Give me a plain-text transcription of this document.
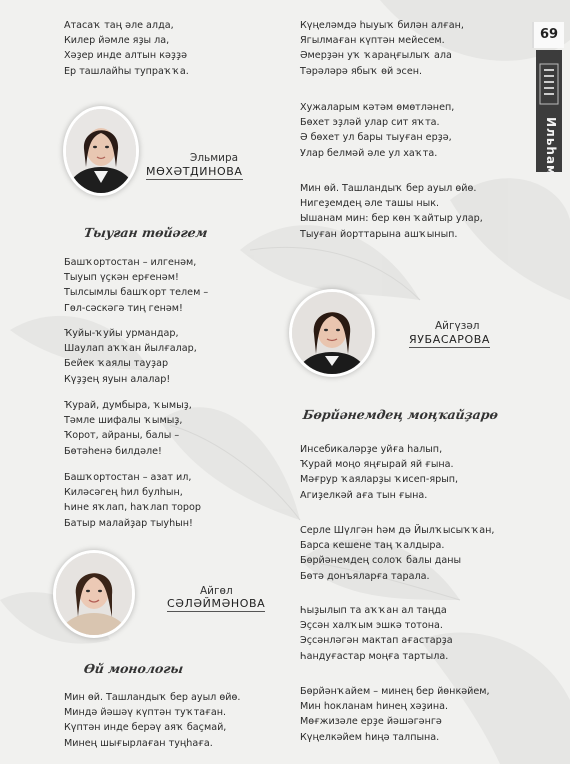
69
Ильһам
Атасаҡ таң әле алда,
Килер йәмле яҙы ла,
Хәҙер инде алтын кәҙҙә
Ер ташлайһы тупраҡҡа.
Эльмира
МӨХӘТДИНОВА
Тыуған төйәгем
Башҡортостан – илгенәм,
Тыуып үҫкән ерғенәм!
Тылсымлы башҡорт телем –
Гөл-сәскәгә тиң генәм!
Ҡуйы-ҡуйы урмандар,
Шаулап аҡҡан йылғалар,
Бейек ҡаялы тауҙар
Күҙҙең яуын алалар!
Ҡурай, думбыра, ҡымыҙ,
Тәмле шифалы ҡымыҙ,
Ҡорот, айраны, балы –
Бөтәһенә билдәле!
Башҡортостан – азат ил,
Киләсәгең һил булһын,
Һине яҡлап, һаҡлап торор
Батыр малайҙар тыуһын!
Айгөл
СӘЛӘЙМӘНОВА
Өй монологы
Мин өй. Ташландыҡ бер ауыл өйө.
Миндә йәшәү күптән туҡтаған.
Күптән инде берәү аяҡ баҫмай,
Минең шығырлаған туңһаға.
Күңеләмдә һыуыҡ билән алған,
Ягылмаған күптән мейесем.
Әмерҙән уҡ ҡараңғылыҡ ала
Тәрәләрә ябыҡ өй эсен.
Хужаларым кәтәм өмөтләнеп,
Бөхет эҙләй улар сит яҡта.
Ә бөхет ул бары тыуған ерҙә,
Улар белмәй әле ул хаҡта.
Мин өй. Ташландыҡ бер ауыл өйө.
Нигеҙемдең әле ташы нык.
Ышанам мин: бер көн ҡайтыр улар,
Тыуған йорттарына ашҡынып.
Айгүзәл
ЯУБАСАРОВА
Бөрйәнемдең моңҡайҙарө
Инсебикаләрҙе уйға һалып,
Ҡурай моңо яңғырай яй ғына.
Мәғрур ҡаяларҙы ҡисеп-ярып,
Агиҙелкәй аға тын ғына.
Серле Шүлгән һәм дә Йылҡысыҡҡан,
Барса кешене таң ҡалдыра.
Бөрйәнемдең солоҡ балы даны
Бөтә донъяларға тарала.
Һыҙылып та аҡҡан ал таңда
Эҫсән халҡым эшкә тотона.
Эҫсәнләгән мактап ағастарҙа
Һандуғастар моңға тартыла.
Бөрйәнҡайем – минең бер йөнкәйем,
Мин һокланам һинең хәҙина.
Мөғжизәле ерҙе йәшәгәнгә
Күңелкәйем һиңә талпына.
